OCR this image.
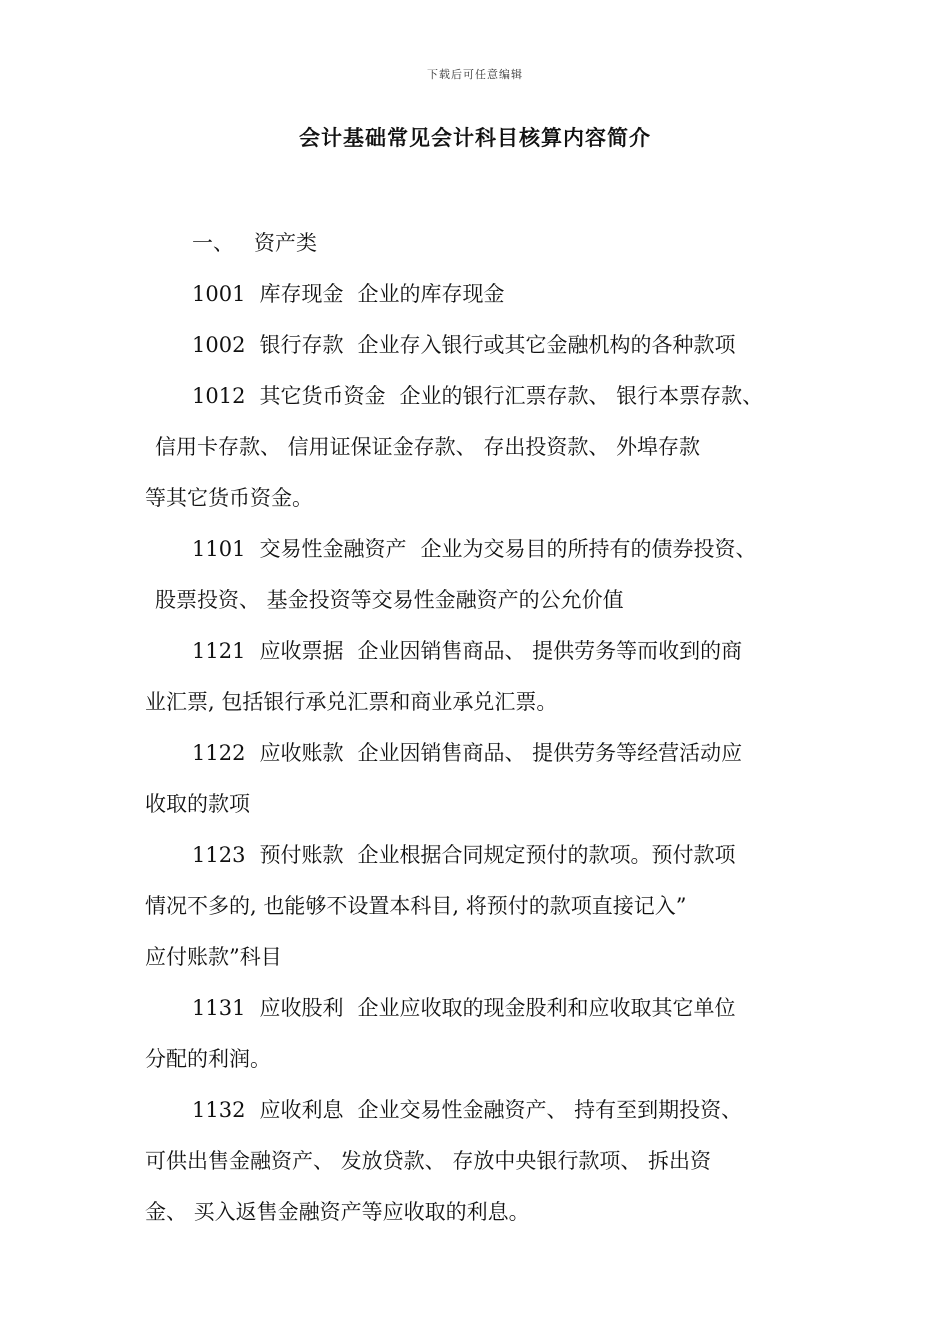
下载后可任意编辑
会计基础常见会计科目核算内容简介
一、 资产类
1001 库存现金 企业的库存现金
1002 银行存款 企业存入银行或其它金融机构的各种款项
1012 其它货币资金 企业的银行汇票存款、 银行本票存款、
信用卡存款、 信用证保证金存款、 存出投资款、 外埠存款
等其它货币资金。
1101 交易性金融资产 企业为交易目的所持有的债券投资、
股票投资、 基金投资等交易性金融资产的公允价值
1121 应收票据 企业因销售商品、 提供劳务等而收到的商
业汇票, 包括银行承兑汇票和商业承兑汇票。
1122 应收账款 企业因销售商品、 提供劳务等经营活动应
收取的款项
1123 预付账款 企业根据合同规定预付的款项。预付款项
情况不多的, 也能够不设置本科目, 将预付的款项直接记入”
应付账款”科目
1131 应收股利 企业应收取的现金股利和应收取其它单位
分配的利润。
1132 应收利息 企业交易性金融资产、 持有至到期投资、
可供出售金融资产、 发放贷款、 存放中央银行款项、 拆出资
金、 买入返售金融资产等应收取的利息。
